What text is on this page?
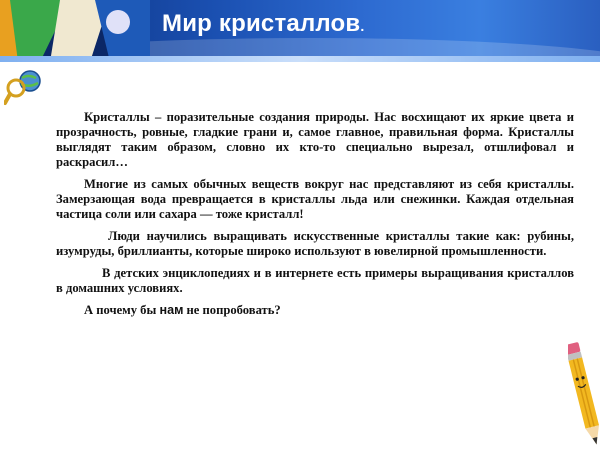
Мир кристаллов.

Кристаллы – поразительные создания природы. Нас восхищают их яркие цвета и прозрачность, ровные, гладкие грани и, самое главное, правильная форма. Кристаллы выглядят таким образом, словно их кто-то специально вырезал, отшлифовал и раскрасил…

Многие из самых обычных веществ вокруг нас представляют из себя кристаллы. Замерзающая вода превращается в кристаллы льда или снежинки. Каждая отдельная частица соли или сахара — тоже кристалл!

Люди научились выращивать искусственные кристаллы такие как: рубины, изумруды, бриллианты, которые широко используют в ювелирной промышленности.

В детских энциклопедиях и в интернете есть примеры выращивания кристаллов в домашних условиях.

А почему бы нам не попробовать?
